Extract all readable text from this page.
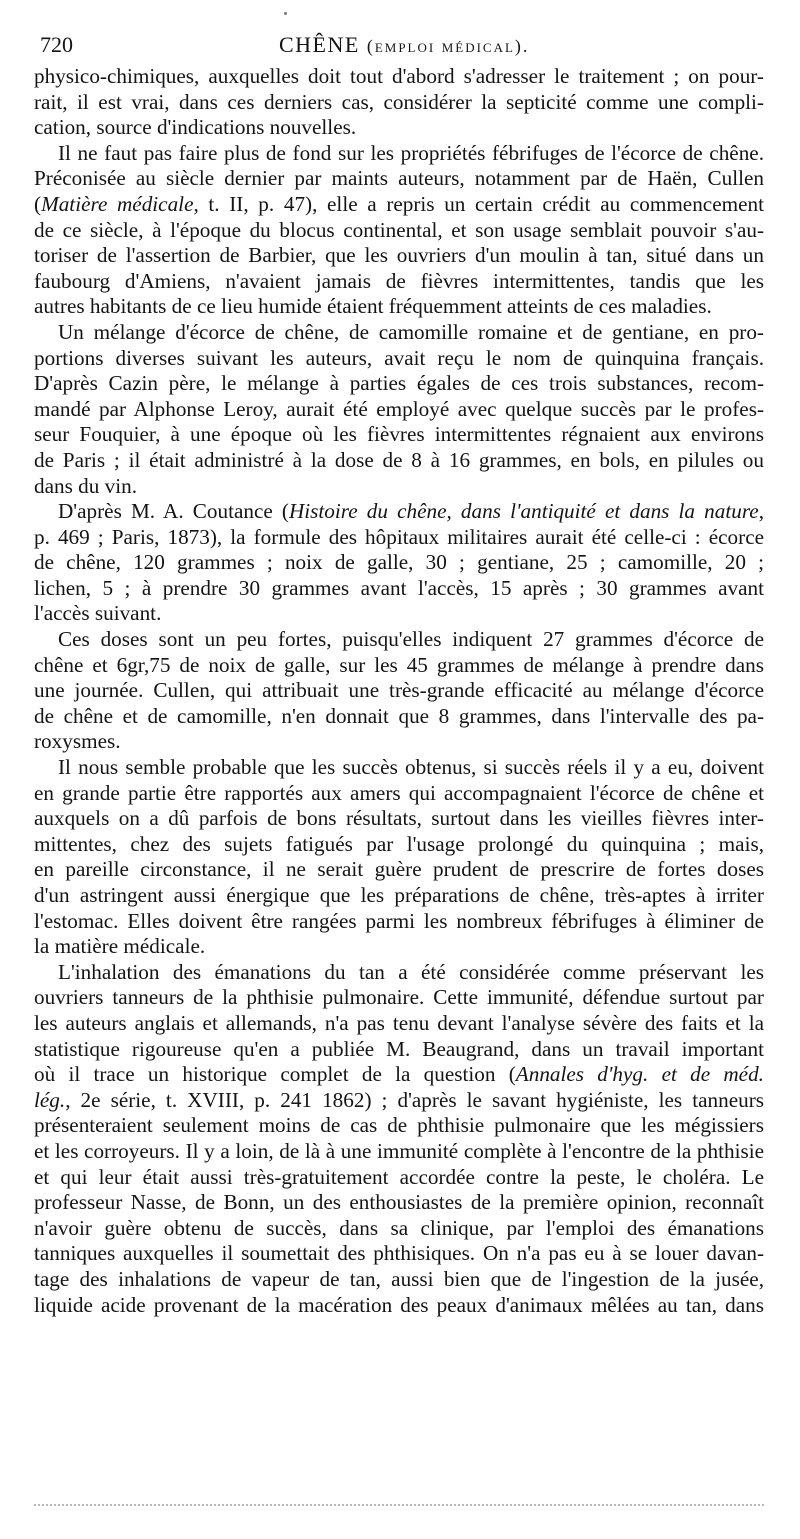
720	CHÊNE (emploi médical).

physico-chimiques, auxquelles doit tout d'abord s'adresser le traitement ; on pour-
rait, il est vrai, dans ces derniers cas, considérer la septicité comme une compli-
cation, source d'indications nouvelles.

Il ne faut pas faire plus de fond sur les propriétés fébrifuges de l'écorce de chêne.
Préconisée au siècle dernier par maints auteurs, notamment par de Haën, Cullen
(Matière médicale, t. II, p. 47), elle a repris un certain crédit au commencement
de ce siècle, à l'époque du blocus continental, et son usage semblait pouvoir s'au-
toriser de l'assertion de Barbier, que les ouvriers d'un moulin à tan, situé dans un
faubourg d'Amiens, n'avaient jamais de fièvres intermittentes, tandis que les
autres habitants de ce lieu humide étaient fréquemment atteints de ces maladies.

Un mélange d'écorce de chêne, de camomille romaine et de gentiane, en pro-
portions diverses suivant les auteurs, avait reçu le nom de quinquina français.
D'après Cazin père, le mélange à parties égales de ces trois substances, recom-
mandé par Alphonse Leroy, aurait été employé avec quelque succès par le profes-
seur Fouquier, à une époque où les fièvres intermittentes régnaient aux environs
de Paris ; il était administré à la dose de 8 à 16 grammes, en bols, en pilules ou
dans du vin.

D'après M. A. Coutance (Histoire du chêne, dans l'antiquité et dans la nature,
p. 469 ; Paris, 1873), la formule des hôpitaux militaires aurait été celle-ci : écorce
de chêne, 120 grammes ; noix de galle, 30 ; gentiane, 25 ; camomille, 20 ;
lichen, 5 ; à prendre 30 grammes avant l'accès, 15 après ; 30 grammes avant
l'accès suivant.

Ces doses sont un peu fortes, puisqu'elles indiquent 27 grammes d'écorce de
chêne et 6gr,75 de noix de galle, sur les 45 grammes de mélange à prendre dans
une journée. Cullen, qui attribuait une très-grande efficacité au mélange d'écorce
de chêne et de camomille, n'en donnait que 8 grammes, dans l'intervalle des pa-
roxysmes.

Il nous semble probable que les succès obtenus, si succès réels il y a eu, doivent
en grande partie être rapportés aux amers qui accompagnaient l'écorce de chêne et
auxquels on a dû parfois de bons résultats, surtout dans les vieilles fièvres inter-
mittentes, chez des sujets fatigués par l'usage prolongé du quinquina ; mais,
en pareille circonstance, il ne serait guère prudent de prescrire de fortes doses
d'un astringent aussi énergique que les préparations de chêne, très-aptes à irriter
l'estomac. Elles doivent être rangées parmi les nombreux fébrifuges à éliminer de
la matière médicale.

L'inhalation des émanations du tan a été considérée comme préservant les
ouvriers tanneurs de la phthisie pulmonaire. Cette immunité, défendue surtout par
les auteurs anglais et allemands, n'a pas tenu devant l'analyse sévère des faits et la
statistique rigoureuse qu'en a publiée M. Beaugrand, dans un travail important
où il trace un historique complet de la question (Annales d'hyg. et de méd.
lég., 2e série, t. XVIII, p. 241 1862) ; d'après le savant hygiéniste, les tanneurs
présenteraient seulement moins de cas de phthisie pulmonaire que les mégissiers
et les corroyeurs. Il y a loin, de là à une immunité complète à l'encontre de la phthisie
et qui leur était aussi très-gratuitement accordée contre la peste, le choléra. Le
professeur Nasse, de Bonn, un des enthousiastes de la première opinion, reconnaît
n'avoir guère obtenu de succès, dans sa clinique, par l'emploi des émanations
tanniques auxquelles il soumettait des phthisiques. On n'a pas eu à se louer davan-
tage des inhalations de vapeur de tan, aussi bien que de l'ingestion de la jusée,
liquide acide provenant de la macération des peaux d'animaux mêlées au tan, dans
